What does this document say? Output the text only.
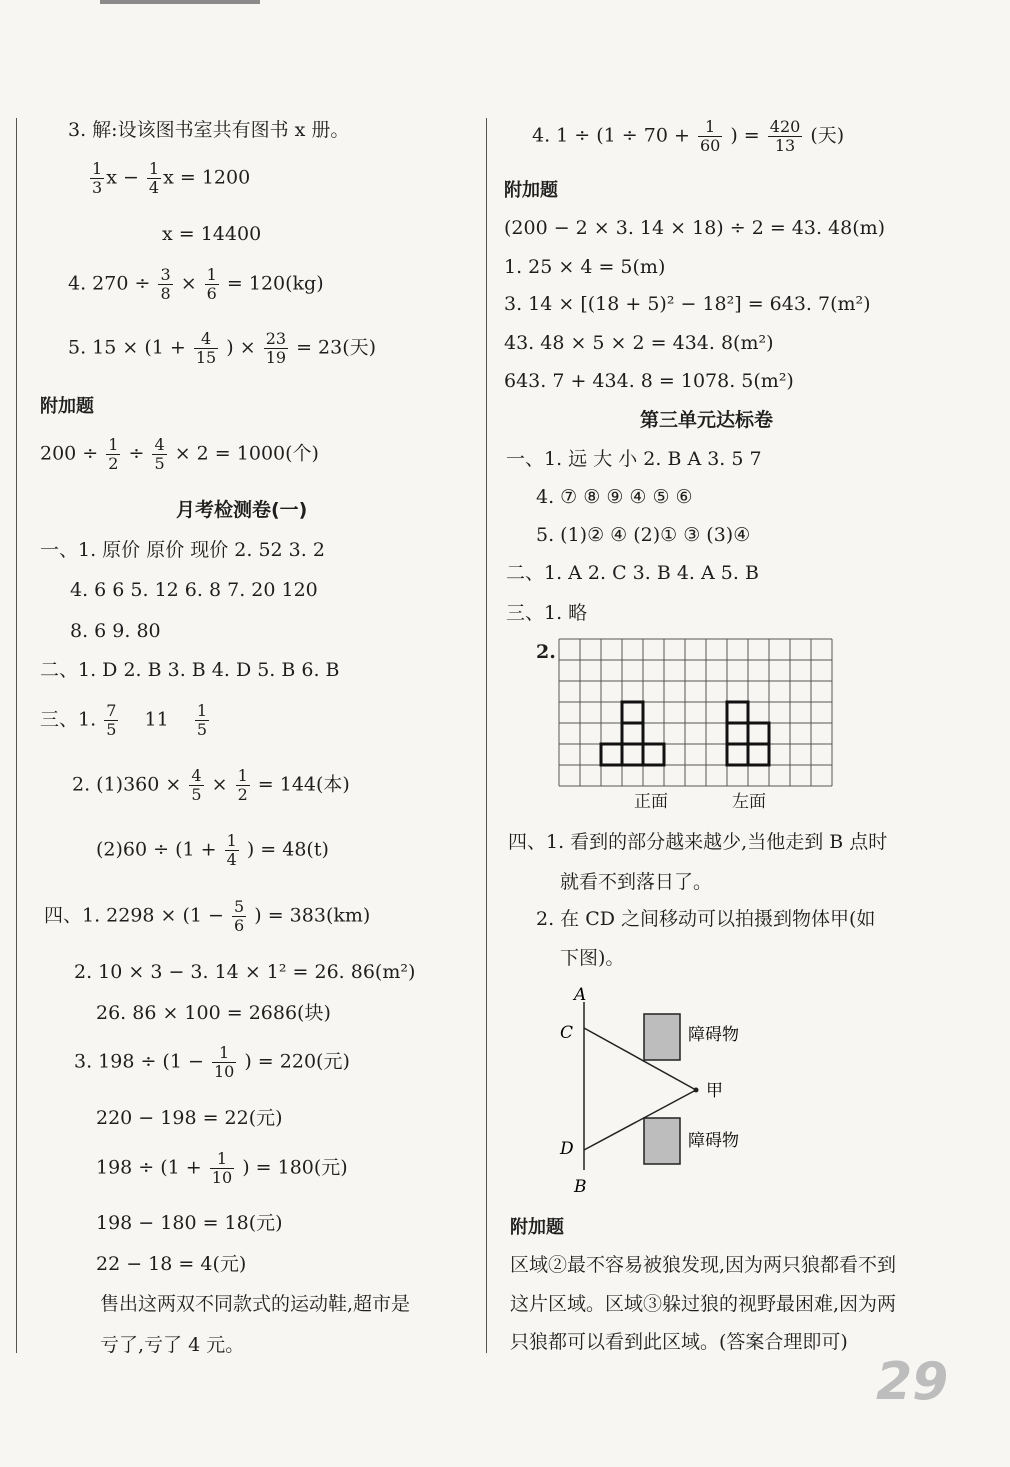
3. 解:设该图书室共有图书 x 册。
$\frac{1}{3}$ $x - \frac{1}{4}$ x = 1200
x = 14400
4. $270 \div \frac{3}{8} \times \frac{1}{6} = 120(kg)$
5. $15 \times (1 + \frac{4}{15}$ ) × $\frac{23}{19} = 23$(天)
附加题
$200 \div \frac{1}{2} \div \frac{4}{5} \times 2 = 1000$(个)
月考检测卷(一)
一、1. 原价 原价 现价 2. 52 3. 2
4. 6 6 5. 12 6. 8 7. 20 120
8. 6 9. 80
二、1. D 2. B 3. B 4. D 5. B 6. B
三、1. $\frac{7}{5} 11 \frac{1}{5}$
2. $(1)360 \times \frac{4}{5} \times \frac{1}{2} = 144$(本)
$(2)60 \div (1 + \frac{1}{4}$ ) = 48(t)
四、1. $2298 \times (1 - \frac{5}{6}$ ) = 383(km)
2. 10 × 3 − 3. 14 × 1² = 26. 86(m²)
26. 86 × 100 = 2686(块)
3. $198 \div (1 - \frac{1}{10}$ ) = 220(元)
220 − 198 = 22(元)
$198 \div (1 + \frac{1}{10}$ ) = 180(元)
198 − 180 = 18(元)
22 − 18 = 4(元)
售出这两双不同款式的运动鞋,超市是
亏了,亏了 4 元。
4. $1 \div (1 \div 70 + \frac{1}{60}$ ) = $\frac{420}{13}$ (天)
附加题
(200 − 2 × 3. 14 × 18) ÷ 2 = 43. 48(m)
1. 25 × 4 = 5(m)
3. 14 × [(18 + 5)² − 18²] = 643. 7(m²)
43. 48 × 5 × 2 = 434. 8(m²)
643. 7 + 434. 8 = 1078. 5(m²)
第三单元达标卷
一、1. 远 大 小 2. B A 3. 5 7
4. ⑦ ⑧ ⑨ ④ ⑤ ⑥
5. (1)② ④ (2)① ③ (3)④
二、1. A 2. C 3. B 4. A 5. B
三、1. 略
2.
正面	左面
四、1. 看到的部分越来越少,当他走到 B 点时
就看不到落日了。
2. 在 CD 之间移动可以拍摄到物体甲(如
下图)。
A
C
D
B
障碍物
障碍物
甲
附加题
区域②最不容易被狼发现,因为两只狼都看不到
这片区域。区域③躲过狼的视野最困难,因为两
只狼都可以看到此区域。(答案合理即可)
29
